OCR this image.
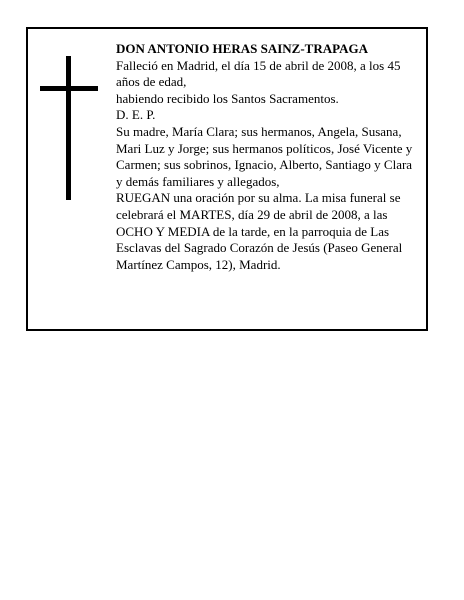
DON ANTONIO HERAS SAINZ-TRAPAGA

Falleció en Madrid, el día 15 de abril de 2008, a los 45 años de edad,

habiendo recibido los Santos Sacramentos.

D. E. P.

Su madre, María Clara; sus hermanos, Angela, Susana, Mari Luz y Jorge; sus hermanos políticos, José Vicente y Carmen; sus sobrinos, Ignacio, Alberto, Santiago y Clara y demás familiares y allegados,

RUEGAN una oración por su alma. La misa funeral se celebrará el MARTES, día 29 de abril de 2008, a las OCHO Y MEDIA de la tarde, en la parroquia de Las Esclavas del Sagrado Corazón de Jesús (Paseo General Martínez Campos, 12), Madrid.
